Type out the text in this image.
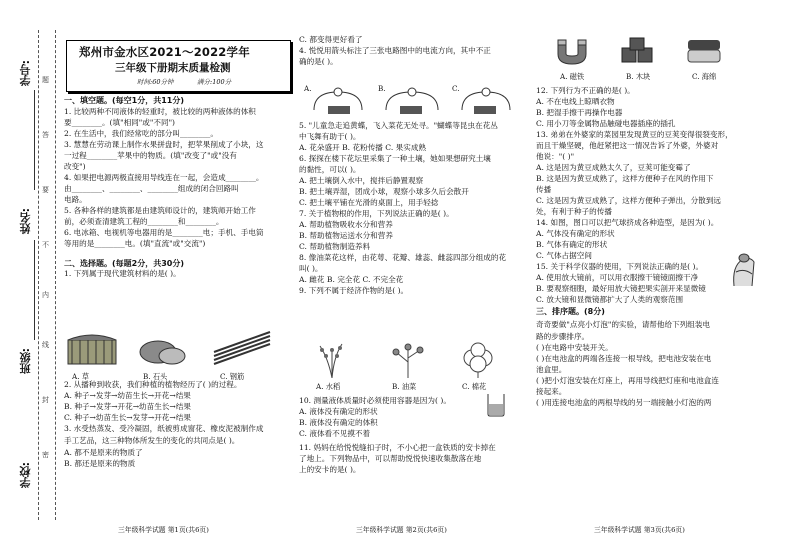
学号:
姓名:
班级:
学校:
题
答
要
不
内
线
封
密
郑州市金水区2021～2022学年
三年级下册期末质量检测
时间:60分钟	满分:100分
一、填空题。(每空1分，共11分)
1. 比较两种不同液体的轻重时，被比较的两种液体的体积
要________。(填"相同"或"不同")
2. 在生活中，我们经常吃的部分叫________。
3. 慧慧在劳动课上制作水果拼盘时，把苹果削成了小块，这
一过程________苹果中的物质。(填"改变了"或"没有
改变")
4. 如果把电源两极直接用导线连在一起，会造成________。
由________、________、________组成的闭合回路叫
电路。
5. 各种各样的建筑都是由建筑师设计的，建筑师开始工作
前，必须查清建筑工程的________和________。
6. 电冰箱、电视机等电器用的是________电；手机、手电筒
等用的是________电。(填"直流"或"交流")
二、选择题。(每题2分，共30分)
1. 下列属于现代建筑材料的是( )。
2. 从播种到收获，我们种植的植物经历了( )的过程。
A. 种子→发芽→幼苗生长→开花→结果
B. 种子→发芽→开花→幼苗生长→结果
C. 种子→幼苗生长→发芽→开花→结果
3. 水受热蒸发、受冷凝固，纸被剪成窗花、橡皮泥被制作成
手工艺品，这三种物体所发生的变化的共同点是( )。
A. 都不是原来的物质了
B. 都还是原来的物质
A. 草	B. 石头	C. 钢筋
C. 都变得更好看了
4. 悦悦用箭头标注了三张电路图中的电流方向，其中不正
确的是( )。
5. "儿童急走追黄蝶，飞入菜花无处寻。"蝴蝶等昆虫在花丛
中飞舞有助于( )。
A. 花朵盛开 B. 花粉传播 C. 果实成熟
6. 探探在楼下花坛里采集了一种土壤，她如果想研究土壤
的黏性，可以( )。
A. 把土壤倒入水中，搅拌后静置观察
B. 把土壤弄湿，团成小球，观察小球多久后会散开
C. 把土壤平铺在光滑的桌面上，用手轻捻
7. 关于植物根的作用，下列说法正确的是( )。
A. 帮助植物吸收水分和营养
B. 帮助植物运送水分和营养
C. 帮助植物制造养料
8. 像油菜花这样，由花萼、花瓣、雄蕊、雌蕊四部分组成的花
叫( )。
A. 雌花 B. 完全花 C. 不完全花
9. 下列不属于经济作物的是( )。
10. 测量液体质量时必须使用容器是因为( )。
A. 液体没有确定的形状
B. 液体没有确定的体积
C. 液体看不见摸不着
11. 妈妈在给悦悦缝扣子时，不小心把一盒铁质的安卡掉在
了地上。下列物品中，可以帮助悦悦快速收集散落在地
上的安卡的是( )。
A.	B.	C.
A. 水稻	B. 油菜	C. 棉花
A. 磁铁	B. 木块	C. 海绵
12. 下列行为不正确的是( )。
A. 不在电线上晾晒衣物
B. 把湿手擦干再操作电器
C. 用小刀等金属物品触碰电器插座的插孔
13. 弟弟在外婆家的菜园里发现黄豆的豆荚变得很裂变形，
而且干燥坚硬，他赶紧把这一情况告诉了外婆，外婆对
他说："( )"
A. 这是因为黄豆成熟太久了，豆荚可能变霉了
B. 这是因为黄豆成熟了，这样方便种子在风的作用下
传播
C. 这是因为黄豆成熟了，这样方便种子弹出，分散到远
处，有利于种子的传播
14. 如图，图口可以把气球挤成各种造型，是因为( )。
A. 气体没有确定的形状
B. 气体有确定的形状
C. 气体占据空间
15. 关于科学仪器的使用，下列说法正确的是( )。
A. 使用放大镜前，可以用衣服擦干镜镜面擦干净
B. 要观察细胞，最好用放大镜把果实剖开来显微镜
C. 放大镜和显微镜都扩大了人类的观察范围
三、排序题。(8分)
奇奇要做"点亮小灯泡"的实验，请帮他给下列组装电
路的步骤排序。
( )在电路中安装开关。
( )在电池盒的两端各连接一根导线，把电池安装在电
池盒里。
( )把小灯泡安装在灯座上，再用导线把灯座和电池盒连
接起来。
( )用连接电池盒的两根导线的另一端接触小灯泡的两
三年级科学试题 第1页(共6页)	三年级科学试题 第2页(共6页)	三年级科学试题 第3页(共6页)
